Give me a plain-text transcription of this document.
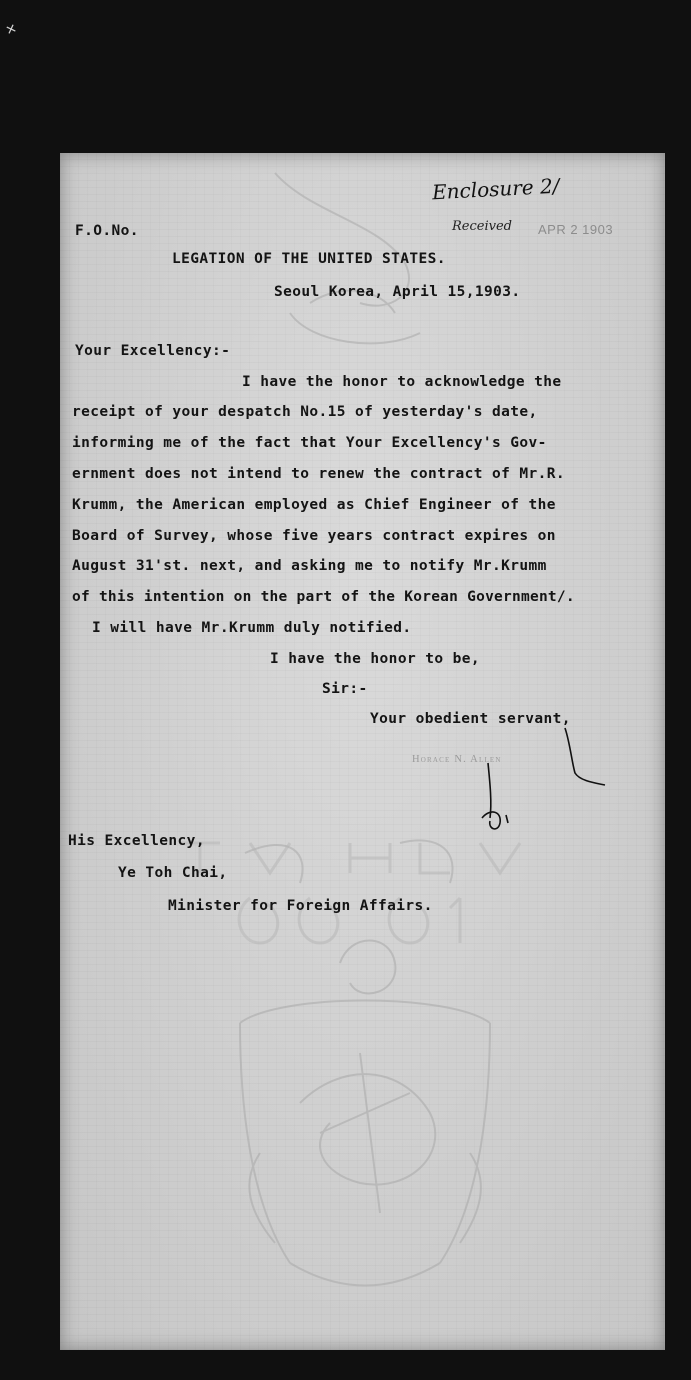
✕
Enclosure 2/
F.O.No.	Received APR 2 1903
LEGATION OF THE UNITED STATES.
Seoul Korea, April 15,1903.
Your Excellency:-
I have the honor to acknowledge the
receipt of your despatch No.15 of yesterday's date,
informing me of the fact that Your Excellency's Gov-
ernment does not intend to renew the contract of Mr.R.
Krumm, the American employed as Chief Engineer of the
Board of Survey, whose five years contract expires on
August 31'st. next, and asking me to notify Mr.Krumm
of this intention on the part of the Korean Government/.
I will have Mr.Krumm duly notified.
I have the honor to be,
Sir:-
Your obedient servant,
Horace N. Allen
His Excellency,
Ye Toh Chai,
Minister for Foreign Affairs.
